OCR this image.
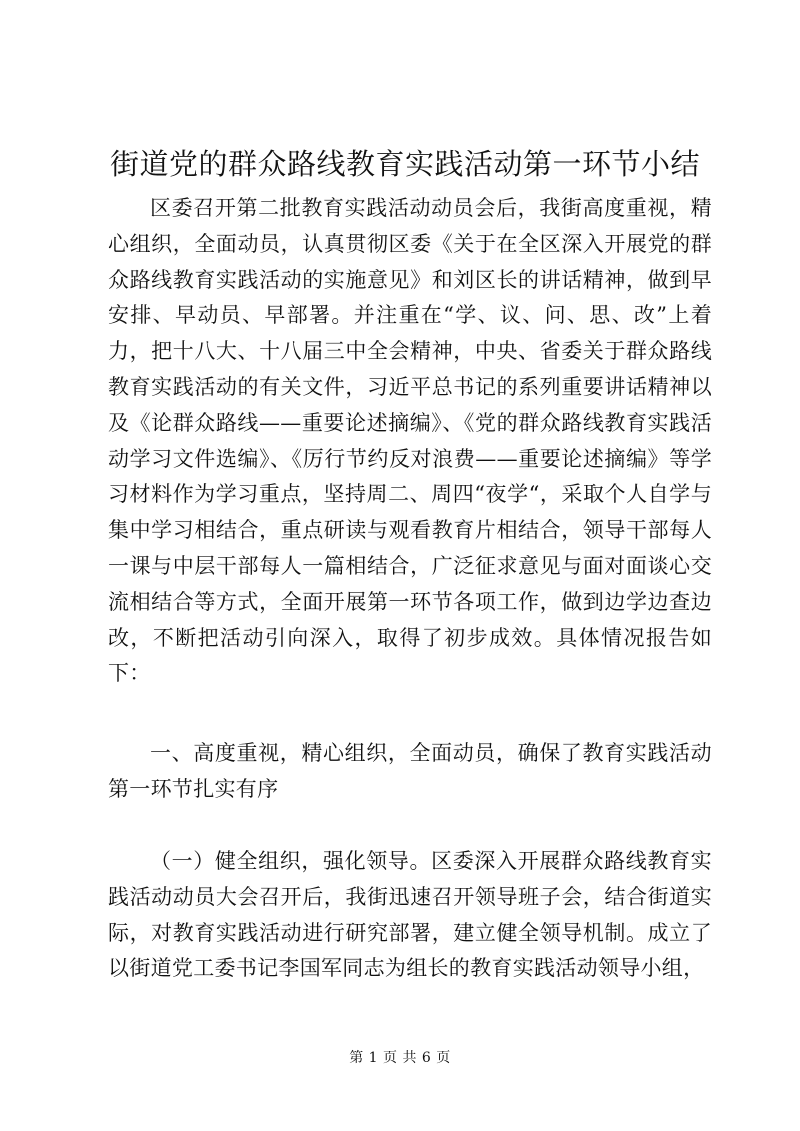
街道党的群众路线教育实践活动第一环节小结

区委召开第二批教育实践活动动员会后，我街高度重视，精心组织，全面动员，认真贯彻区委《关于在全区深入开展党的群众路线教育实践活动的实施意见》和刘区长的讲话精神，做到早安排、早动员、早部署。并注重在“学、议、问、思、改”上着力，把十八大、十八届三中全会精神，中央、省委关于群众路线教育实践活动的有关文件，习近平总书记的系列重要讲话精神以及《论群众路线——重要论述摘编》、《党的群众路线教育实践活动学习文件选编》、《厉行节约反对浪费——重要论述摘编》等学习材料作为学习重点，坚持周二、周四“夜学“，采取个人自学与集中学习相结合，重点研读与观看教育片相结合，领导干部每人一课与中层干部每人一篇相结合，广泛征求意见与面对面谈心交流相结合等方式，全面开展第一环节各项工作，做到边学边查边改，不断把活动引向深入，取得了初步成效。具体情况报告如下：

一、高度重视，精心组织，全面动员，确保了教育实践活动第一环节扎实有序

（一）健全组织，强化领导。区委深入开展群众路线教育实践活动动员大会召开后，我街迅速召开领导班子会，结合街道实际，对教育实践活动进行研究部署，建立健全领导机制。成立了以街道党工委书记李国军同志为组长的教育实践活动领导小组，

第 1 页 共 6 页
